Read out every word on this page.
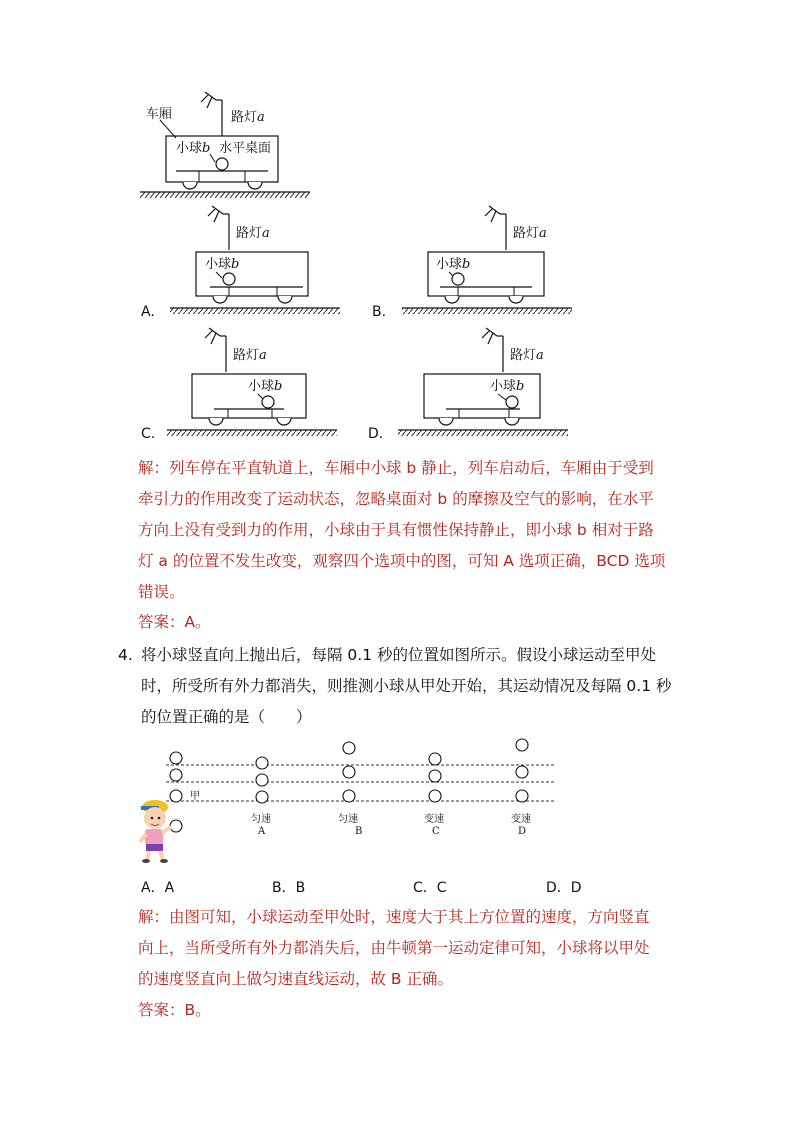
路灯a
车厢
小球b 水平桌面
路灯a
小球b
路灯a
小球b
路灯a
小球b
路灯a
小球b
甲
匀速
A
匀速
B
变速
C
变速
D
A.	B.
C.	D.
解：列车停在平直轨道上，车厢中小球 b 静止，列车启动后，车厢由于受到
牵引力的作用改变了运动状态，忽略桌面对 b 的摩擦及空气的影响，在水平
方向上没有受到力的作用，小球由于具有惯性保持静止，即小球 b 相对于路
灯 a 的位置不发生改变，观察四个选项中的图，可知 A 选项正确，BCD 选项
错误。
答案：A。
4. 将小球竖直向上抛出后，每隔 0.1 秒的位置如图所示。假设小球运动至甲处
时，所受所有外力都消失，则推测小球从甲处开始，其运动情况及每隔 0.1 秒
的位置正确的是（　　）
A．A	B．B	C．C	D．D
解：由图可知，小球运动至甲处时，速度大于其上方位置的速度，方向竖直
向上，当所受所有外力都消失后，由牛顿第一运动定律可知，小球将以甲处
的速度竖直向上做匀速直线运动，故 B 正确。
答案：B。
